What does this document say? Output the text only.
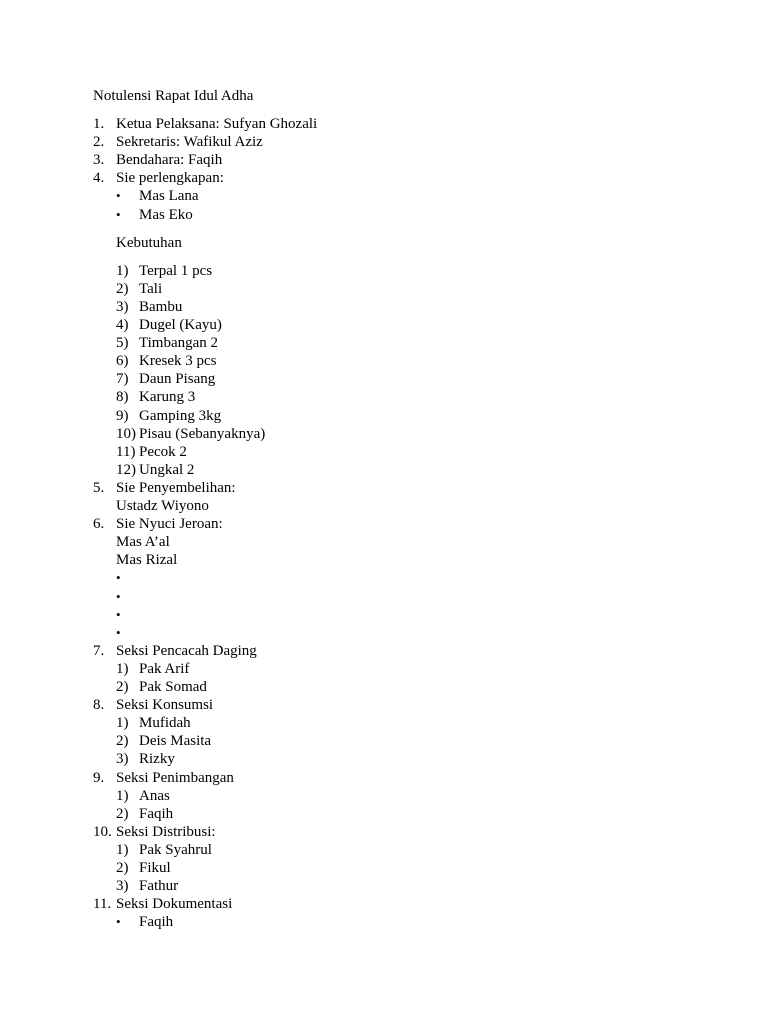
Notulensi Rapat Idul Adha
1. Ketua Pelaksana: Sufyan Ghozali
2. Sekretaris: Wafikul Aziz
3. Bendahara: Faqih
4. Sie perlengkapan:
• Mas Lana
• Mas Eko
Kebutuhan
1) Terpal 1 pcs
2) Tali
3) Bambu
4) Dugel (Kayu)
5) Timbangan 2
6) Kresek 3 pcs
7) Daun Pisang
8) Karung 3
9) Gamping 3kg
10) Pisau (Sebanyaknya)
11) Pecok 2
12) Ungkal 2
5. Sie Penyembelihan:
Ustadz Wiyono
6. Sie Nyuci Jeroan:
Mas A’al
Mas Rizal
•
•
•
•
7. Seksi Pencacah Daging
1) Pak Arif
2) Pak Somad
8. Seksi Konsumsi
1) Mufidah
2) Deis Masita
3) Rizky
9. Seksi Penimbangan
1) Anas
2) Faqih
10. Seksi Distribusi:
1) Pak Syahrul
2) Fikul
3) Fathur
11. Seksi Dokumentasi
• Faqih
